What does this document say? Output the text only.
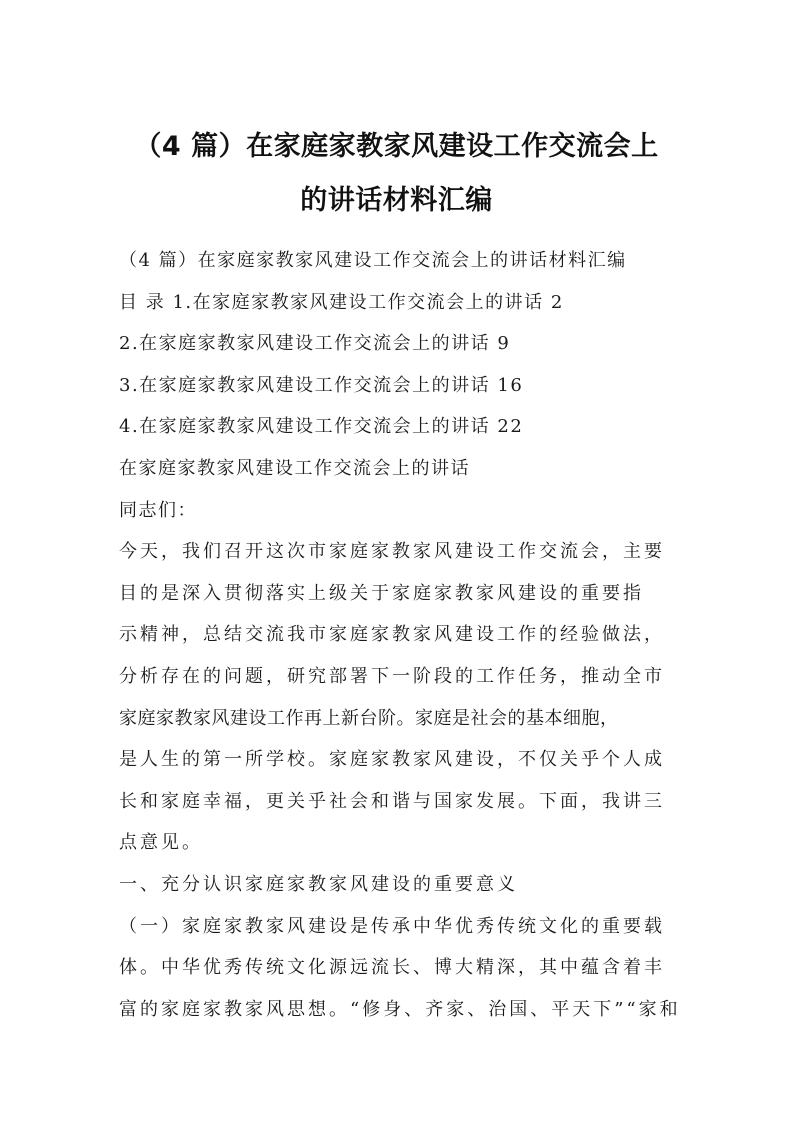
（4 篇）在家庭家教家风建设工作交流会上
的讲话材料汇编
（4 篇）在家庭家教家风建设工作交流会上的讲话材料汇编
目 录 1.在家庭家教家风建设工作交流会上的讲话 2
2.在家庭家教家风建设工作交流会上的讲话 9
3.在家庭家教家风建设工作交流会上的讲话 16
4.在家庭家教家风建设工作交流会上的讲话 22
在家庭家教家风建设工作交流会上的讲话
同志们：
今天，我们召开这次市家庭家教家风建设工作交流会，主要
目的是深入贯彻落实上级关于家庭家教家风建设的重要指
示精神，总结交流我市家庭家教家风建设工作的经验做法，
分析存在的问题，研究部署下一阶段的工作任务，推动全市
家庭家教家风建设工作再上新台阶。家庭是社会的基本细胞，
是人生的第一所学校。家庭家教家风建设，不仅关乎个人成
长和家庭幸福，更关乎社会和谐与国家发展。下面，我讲三
点意见。
一、充分认识家庭家教家风建设的重要意义
（一）家庭家教家风建设是传承中华优秀传统文化的重要载
体。中华优秀传统文化源远流长、博大精深，其中蕴含着丰
富的家庭家教家风思想。“修身、齐家、治国、平天下”“家和
